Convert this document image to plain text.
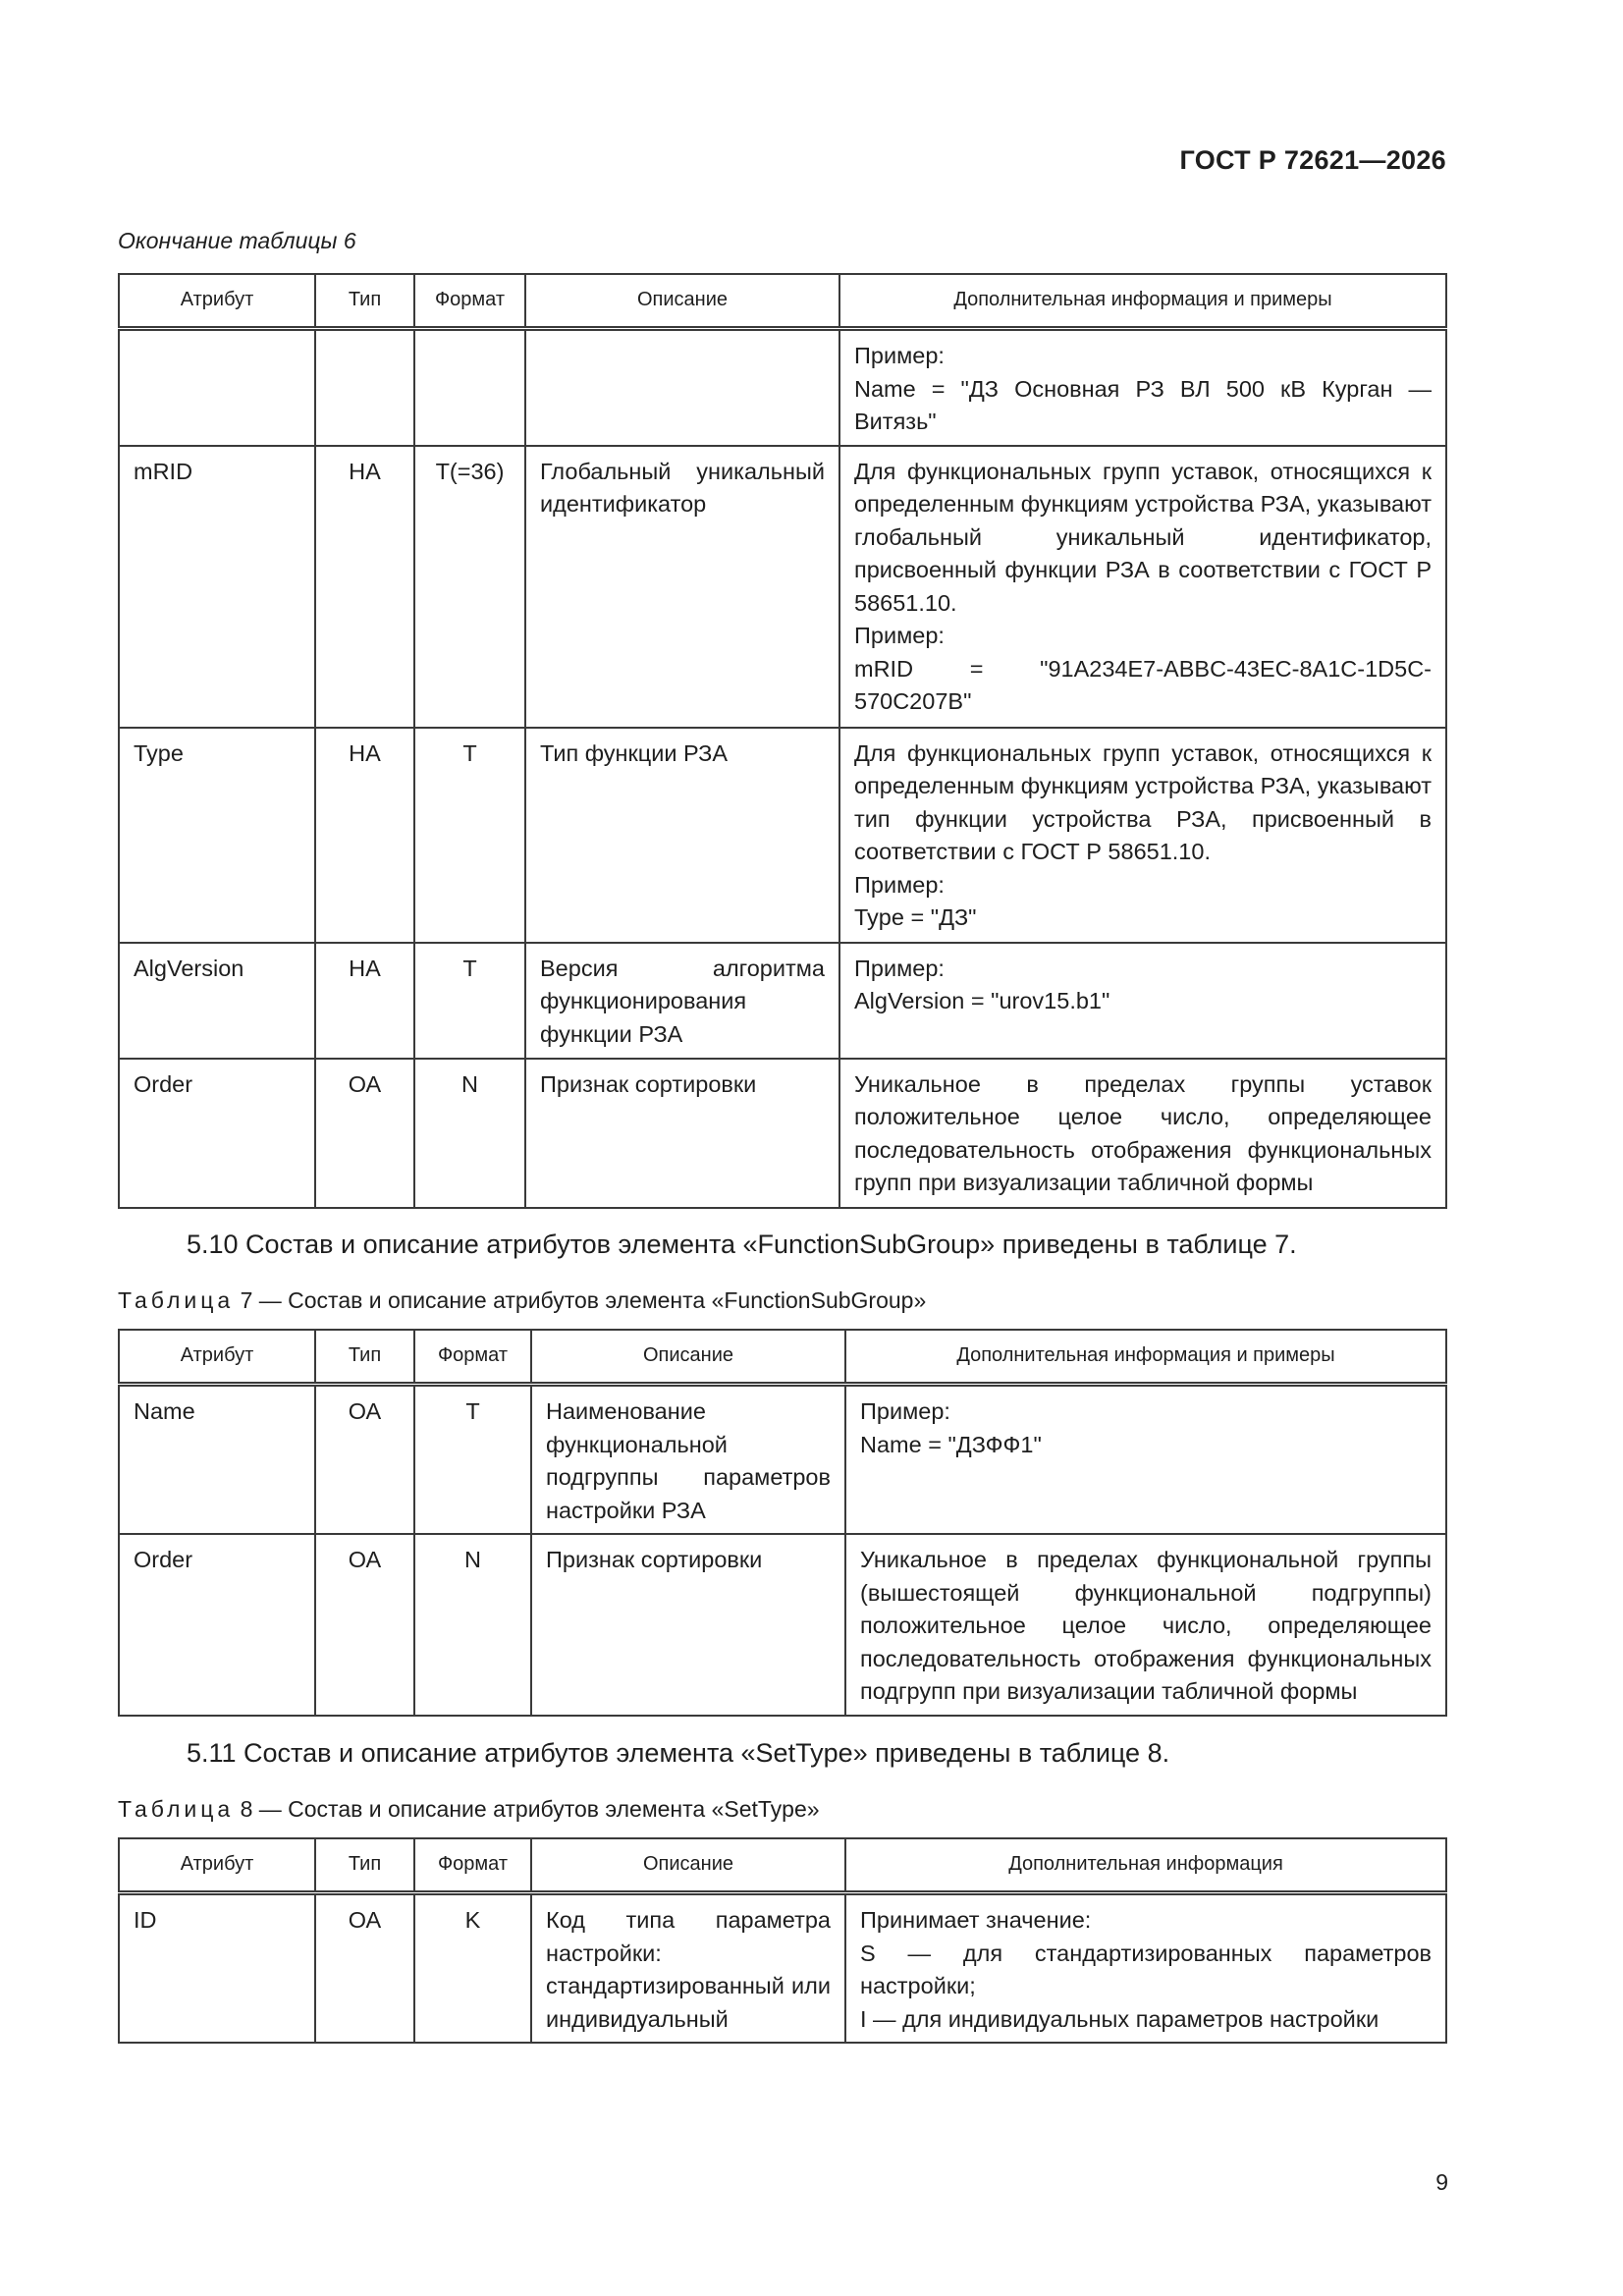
ГОСТ Р 72621—2026
Окончание таблицы 6
Атрибут	Тип	Формат	Описание	Дополнительная информация и примеры

				Пример:
Name = "ДЗ Основная РЗ ВЛ 500 кВ Курган — Витязь"

mRID	НА	T(=36)	Глобальный уникальный идентификатор	Для функциональных групп уставок, относящихся к определенным функциям устройства РЗА, указывают глобальный уникальный идентификатор, присвоенный функции РЗА в соответствии с ГОСТ Р 58651.10.
Пример:
mRID = "91A234E7-ABBC-43EC-8A1C-1D5C-570C207B"

Type	НА	T	Тип функции РЗА	Для функциональных групп уставок, относящихся к определенным функциям устройства РЗА, указывают тип функции устройства РЗА, присвоенный в соответствии с ГОСТ Р 58651.10.
Пример:
Type = "ДЗ"

AlgVersion	НА	T	Версия алгоритма функционирования функции РЗА	Пример:
AlgVersion = "urov15.b1"

Order	ОА	N	Признак сортировки	Уникальное в пределах группы уставок положительное целое число, определяющее последовательность отображения функциональных групп при визуализации табличной формы
5.10 Состав и описание атрибутов элемента «FunctionSubGroup» приведены в таблице 7.
Таблица 7 — Состав и описание атрибутов элемента «FunctionSubGroup»
Атрибут	Тип	Формат	Описание	Дополнительная информация и примеры
Name	ОА	T	Наименование функциональной подгруппы параметров настройки РЗА	Пример:
Name = "ДЗФФ1"

Order	ОА	N	Признак сортировки	Уникальное в пределах функциональной группы (вышестоящей функциональной подгруппы) положительное целое число, определяющее последовательность отображения функциональных подгрупп при визуализации табличной формы
5.11 Состав и описание атрибутов элемента «SetType» приведены в таблице 8.
Таблица 8 — Состав и описание атрибутов элемента «SetType»
Атрибут	Тип	Формат	Описание	Дополнительная информация
ID	ОА	K	Код типа параметра настройки: стандартизированный или индивидуальный	Принимает значение:
S — для стандартизированных параметров настройки;
I — для индивидуальных параметров настройки
9
